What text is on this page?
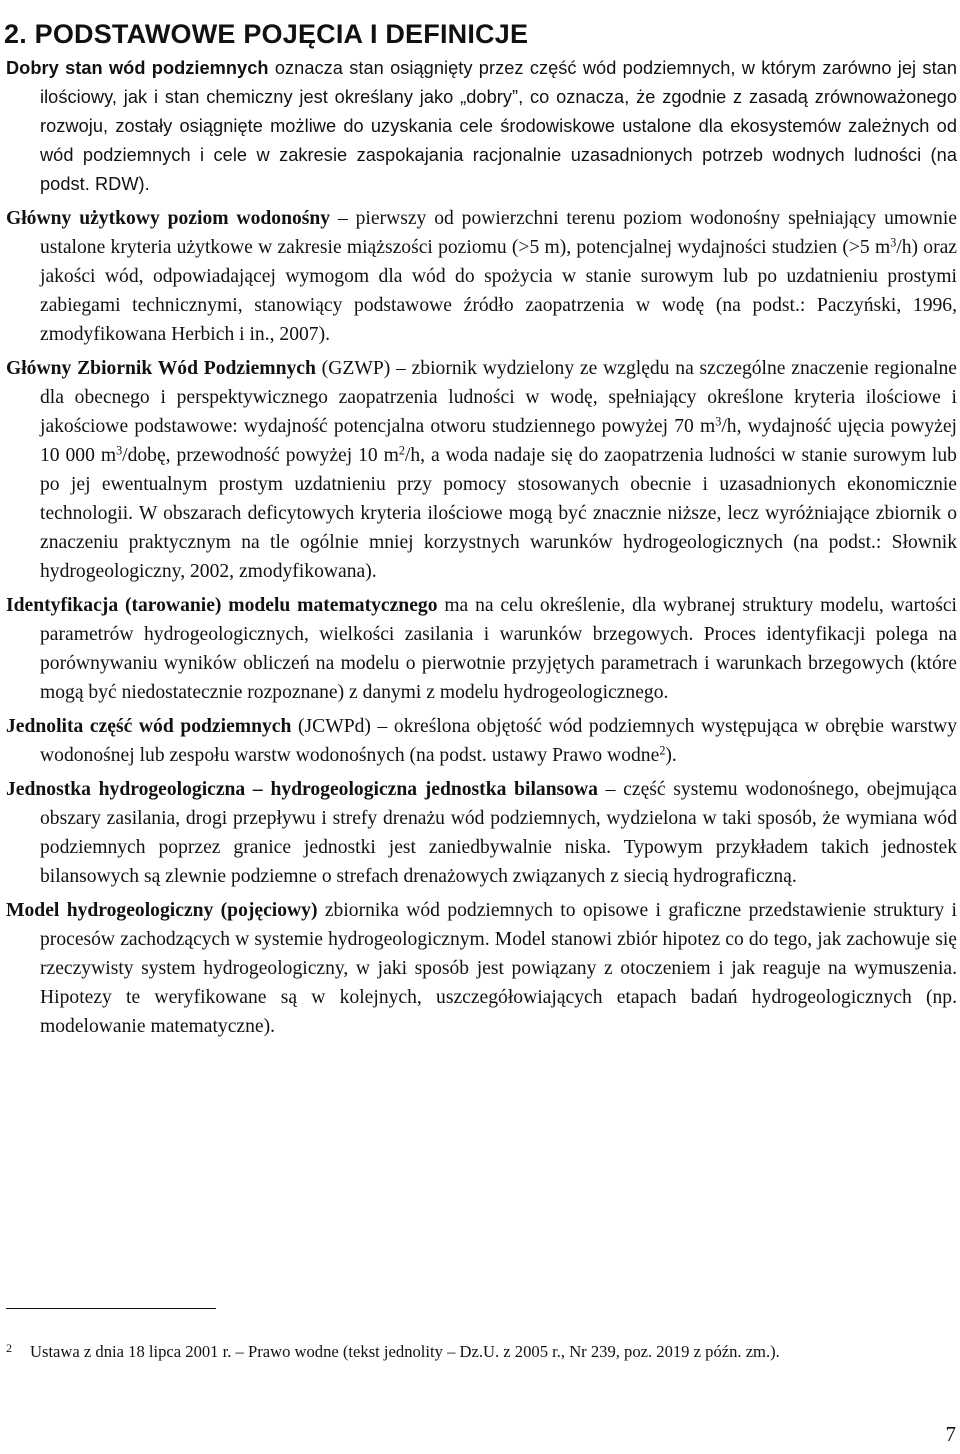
2. PODSTAWOWE POJĘCIA I DEFINICJE

Dobry stan wód podziemnych oznacza stan osiągnięty przez część wód podziemnych, w którym zarówno jej stan ilościowy, jak i stan chemiczny jest określany jako „dobry”, co oznacza, że zgodnie z zasadą zrównoważonego rozwoju, zostały osiągnięte możliwe do uzyskania cele środowiskowe ustalone dla ekosystemów zależnych od wód podziemnych i cele w zakresie zaspokajania racjonalnie uzasadnionych potrzeb wodnych ludności (na podst. RDW).

Główny użytkowy poziom wodonośny – pierwszy od powierzchni terenu poziom wodonośny spełniający umownie ustalone kryteria użytkowe w zakresie miąższości poziomu (>5 m), potencjalnej wydajności studzien (>5 $m^3/h$) oraz jakości wód, odpowiadającej wymogom dla wód do spożycia w stanie surowym lub po uzdatnieniu prostymi zabiegami technicznymi, stanowiący podstawowe źródło zaopatrzenia w wodę (na podst.: Paczyński, 1996, zmodyfikowana Herbich i in., 2007).

Główny Zbiornik Wód Podziemnych (GZWP) – zbiornik wydzielony ze względu na szczególne znaczenie regionalne dla obecnego i perspektywicznego zaopatrzenia ludności w wodę, spełniający określone kryteria ilościowe i jakościowe podstawowe: wydajność potencjalna otworu studziennego powyżej 70 $m^3/h$, wydajność ujęcia powyżej 10 000 $m^3$/dobę, przewodność powyżej 10 $m^2/h$, a woda nadaje się do zaopatrzenia ludności w stanie surowym lub po jej ewentualnym prostym uzdatnieniu przy pomocy stosowanych obecnie i uzasadnionych ekonomicznie technologii. W obszarach deficytowych kryteria ilościowe mogą być znacznie niższe, lecz wyróżniające zbiornik o znaczeniu praktycznym na tle ogólnie mniej korzystnych warunków hydrogeologicznych (na podst.: Słownik hydrogeologiczny, 2002, zmodyfikowana).

Identyfikacja (tarowanie) modelu matematycznego ma na celu określenie, dla wybranej struktury modelu, wartości parametrów hydrogeologicznych, wielkości zasilania i warunków brzegowych. Proces identyfikacji polega na porównywaniu wyników obliczeń na modelu o pierwotnie przyjętych parametrach i warunkach brzegowych (które mogą być niedostatecznie rozpoznane) z danymi z modelu hydrogeologicznego.

Jednolita część wód podziemnych (JCWPd) – określona objętość wód podziemnych występująca w obrębie warstwy wodonośnej lub zespołu warstw wodonośnych (na podst. ustawy Prawo wodne$^2$).

Jednostka hydrogeologiczna – hydrogeologiczna jednostka bilansowa – część systemu wodonośnego, obejmująca obszary zasilania, drogi przepływu i strefy drenażu wód podziemnych, wydzielona w taki sposób, że wymiana wód podziemnych poprzez granice jednostki jest zaniedbywalnie niska. Typowym przykładem takich jednostek bilansowych są zlewnie podziemne o strefach drenażowych związanych z siecią hydrograficzną.

Model hydrogeologiczny (pojęciowy) zbiornika wód podziemnych to opisowe i graficzne przedstawienie struktury i procesów zachodzących w systemie hydrogeologicznym. Model stanowi zbiór hipotez co do tego, jak zachowuje się rzeczywisty system hydrogeologiczny, w jaki sposób jest powiązany z otoczeniem i jak reaguje na wymuszenia. Hipotezy te weryfikowane są w kolejnych, uszczegółowiających etapach badań hydrogeologicznych (np. modelowanie matematyczne).

2 Ustawa z dnia 18 lipca 2001 r. – Prawo wodne (tekst jednolity – Dz.U. z 2005 r., Nr 239, poz. 2019 z późn. zm.).
7
